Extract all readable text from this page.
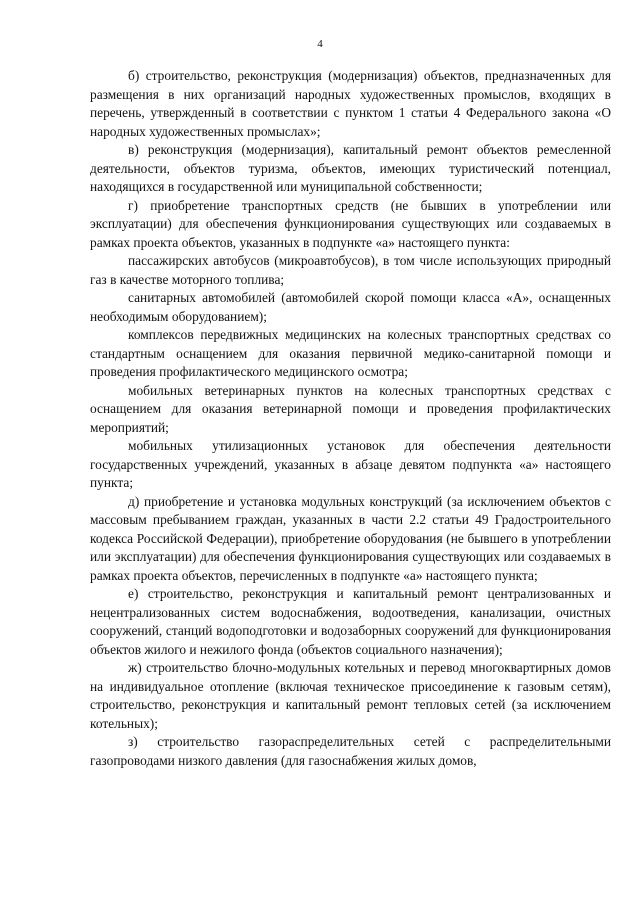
4

б) строительство, реконструкция (модернизация) объектов, предназначенных для размещения в них организаций народных художественных промыслов, входящих в перечень, утвержденный в соответствии с пунктом 1 статьи 4 Федерального закона «О народных художественных промыслах»;

в) реконструкция (модернизация), капитальный ремонт объектов ремесленной деятельности, объектов туризма, объектов, имеющих туристический потенциал, находящихся в государственной или муниципальной собственности;

г) приобретение транспортных средств (не бывших в употреблении или эксплуатации) для обеспечения функционирования существующих или создаваемых в рамках проекта объектов, указанных в подпункте «а» настоящего пункта:

пассажирских автобусов (микроавтобусов), в том числе использующих природный газ в качестве моторного топлива;

санитарных автомобилей (автомобилей скорой помощи класса «А», оснащенных необходимым оборудованием);

комплексов передвижных медицинских на колесных транспортных средствах со стандартным оснащением для оказания первичной медико-санитарной помощи и проведения профилактического медицинского осмотра;

мобильных ветеринарных пунктов на колесных транспортных средствах с оснащением для оказания ветеринарной помощи и проведения профилактических мероприятий;

мобильных утилизационных установок для обеспечения деятельности государственных учреждений, указанных в абзаце девятом подпункта «а» настоящего пункта;

д) приобретение и установка модульных конструкций (за исключением объектов с массовым пребыванием граждан, указанных в части 2.2 статьи 49 Градостроительного кодекса Российской Федерации), приобретение оборудования (не бывшего в употреблении или эксплуатации) для обеспечения функционирования существующих или создаваемых в рамках проекта объектов, перечисленных в подпункте «а» настоящего пункта;

е) строительство, реконструкция и капитальный ремонт централизованных и нецентрализованных систем водоснабжения, водоотведения, канализации, очистных сооружений, станций водоподготовки и водозаборных сооружений для функционирования объектов жилого и нежилого фонда (объектов социального назначения);

ж) строительство блочно-модульных котельных и перевод многоквартирных домов на индивидуальное отопление (включая техническое присоединение к газовым сетям), строительство, реконструкция и капитальный ремонт тепловых сетей (за исключением котельных);

з) строительство газораспределительных сетей с распределительными газопроводами низкого давления (для газоснабжения жилых домов,
